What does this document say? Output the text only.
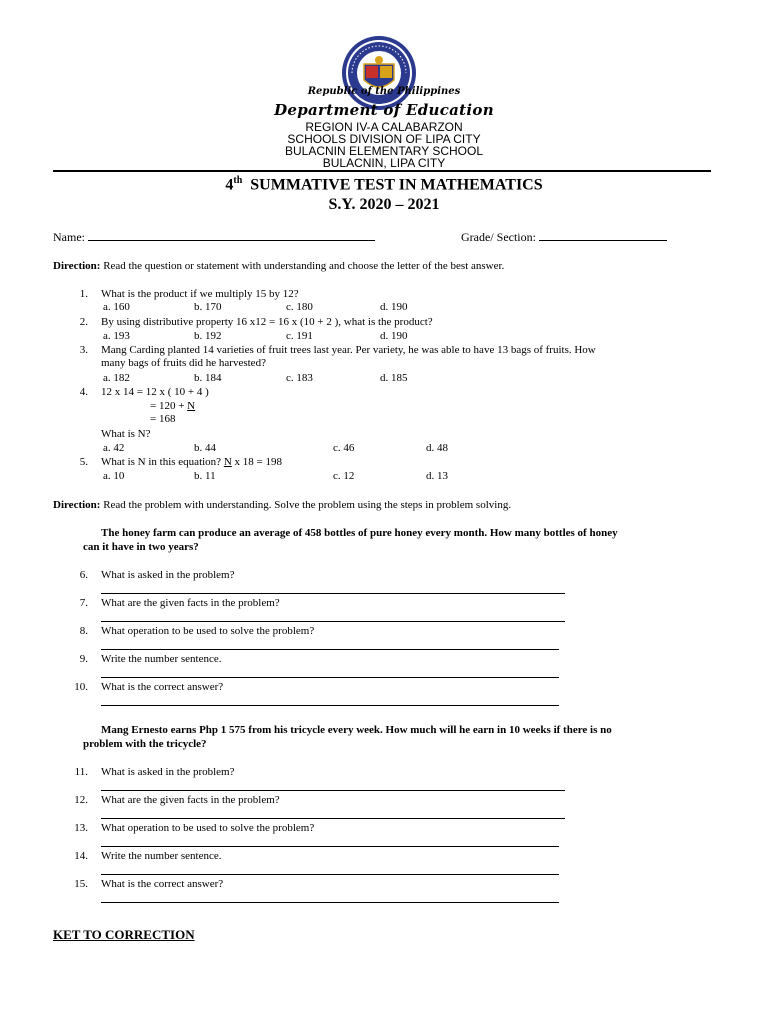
Republic of the Philippines
Department of Education
REGION IV-A CALABARZON
SCHOOLS DIVISION OF LIPA CITY
BULACNIN ELEMENTARY SCHOOL
BULACNIN, LIPA CITY
4th SUMMATIVE TEST IN MATHEMATICS
S.Y. 2020 – 2021
Name:	Grade/ Section:
Direction: Read the question or statement with understanding and choose the letter of the best answer.
1. What is the product if we multiply 15 by 12?
a. 160	b. 170	c. 180	d. 190
2. By using distributive property 16 x12 = 16 x (10 + 2 ), what is the product?
a. 193	b. 192	c. 191	d. 190
3. Mang Carding planted 14 varieties of fruit trees last year. Per variety, he was able to have 13 bags of fruits. How
many bags of fruits did he harvested?
a. 182	b. 184	c. 183	d. 185
4. 12 x 14 = 12 x ( 10 + 4 )
= 120 + N
= 168
What is N?
a. 42	b. 44	c. 46	d. 48
5. What is N in this equation? N x 18 = 198
a. 10	b. 11	c. 12	d. 13
Direction: Read the problem with understanding. Solve the problem using the steps in problem solving.
The honey farm can produce an average of 458 bottles of pure honey every month. How many bottles of honey
can it have in two years?
6. What is asked in the problem?
7. What are the given facts in the problem?
8. What operation to be used to solve the problem?
9. Write the number sentence.
10. What is the correct answer?
Mang Ernesto earns Php 1 575 from his tricycle every week. How much will he earn in 10 weeks if there is no
problem with the tricycle?
11. What is asked in the problem?
12. What are the given facts in the problem?
13. What operation to be used to solve the problem?
14. Write the number sentence.
15. What is the correct answer?
KET TO CORRECTION
